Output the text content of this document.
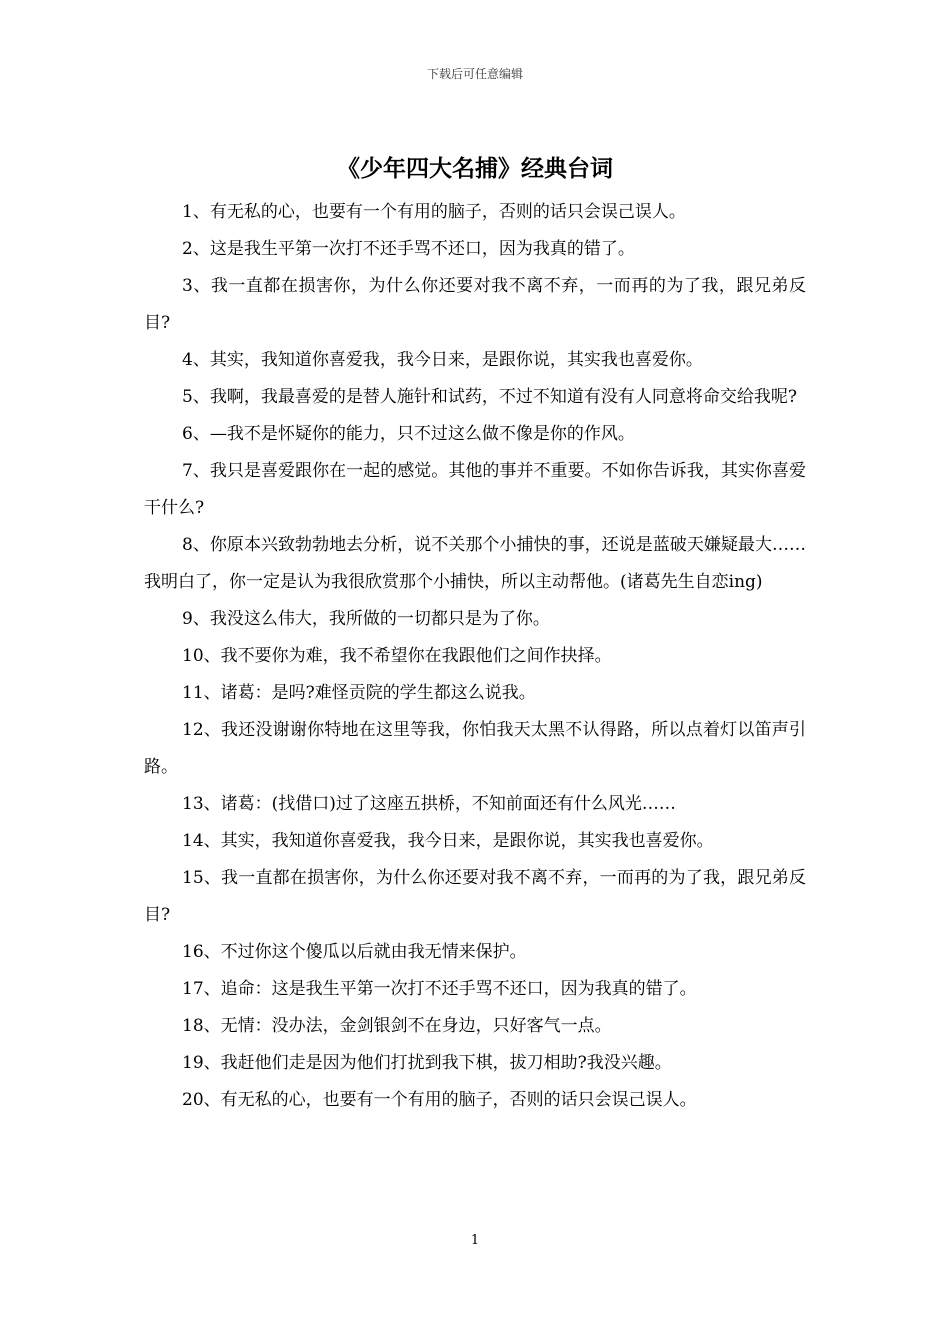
下载后可任意编辑
《少年四大名捕》经典台词

1、有无私的心，也要有一个有用的脑子，否则的话只会误己误人。

2、这是我生平第一次打不还手骂不还口，因为我真的错了。

3、我一直都在损害你，为什么你还要对我不离不弃，一而再的为了我，跟兄弟反目?

4、其实，我知道你喜爱我，我今日来，是跟你说，其实我也喜爱你。

5、我啊，我最喜爱的是替人施针和试药，不过不知道有没有人同意将命交给我呢?

6、—我不是怀疑你的能力，只不过这么做不像是你的作风。

7、我只是喜爱跟你在一起的感觉。其他的事并不重要。不如你告诉我，其实你喜爱干什么?

8、你原本兴致勃勃地去分析，说不关那个小捕快的事，还说是蓝破天嫌疑最大……我明白了，你一定是认为我很欣赏那个小捕快，所以主动帮他。(诸葛先生自恋ing)

9、我没这么伟大，我所做的一切都只是为了你。

10、我不要你为难，我不希望你在我跟他们之间作抉择。

11、诸葛：是吗?难怪贡院的学生都这么说我。

12、我还没谢谢你特地在这里等我，你怕我天太黑不认得路，所以点着灯以笛声引路。

13、诸葛：(找借口)过了这座五拱桥，不知前面还有什么风光……

14、其实，我知道你喜爱我，我今日来，是跟你说，其实我也喜爱你。

15、我一直都在损害你，为什么你还要对我不离不弃，一而再的为了我，跟兄弟反目?

16、不过你这个傻瓜以后就由我无情来保护。

17、追命：这是我生平第一次打不还手骂不还口，因为我真的错了。

18、无情：没办法，金剑银剑不在身边，只好客气一点。

19、我赶他们走是因为他们打扰到我下棋，拔刀相助?我没兴趣。

20、有无私的心，也要有一个有用的脑子，否则的话只会误己误人。

1
